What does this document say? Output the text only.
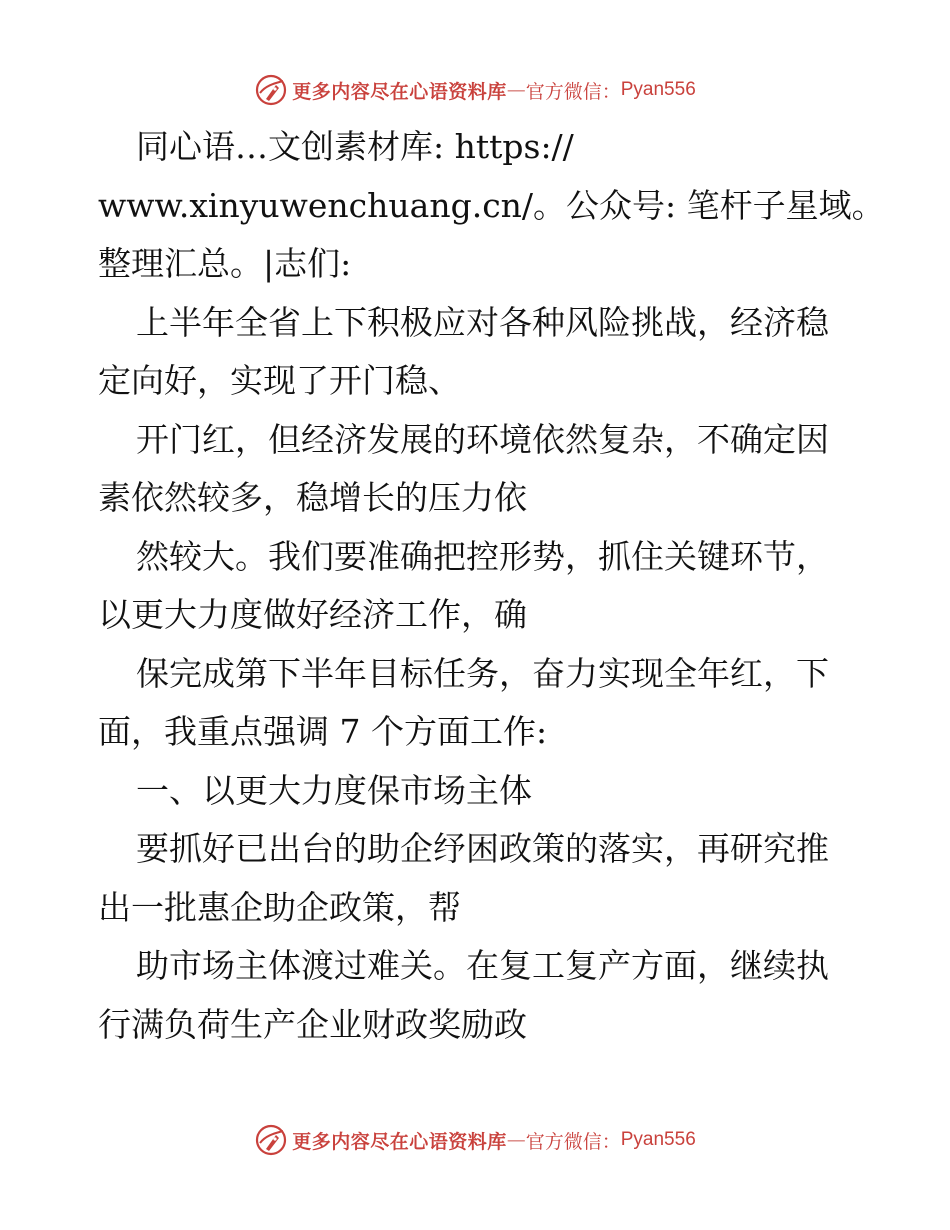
更多内容尽在心语资料库 — 官方微信： Pyan556
同心语…文创素材库: https://
www.xinyuwenchuang.cn/。公众号: 笔杆子星域。
整理汇总。|志们:
上半年全省上下积极应对各种风险挑战，经济稳
定向好，实现了开门稳、
开门红，但经济发展的环境依然复杂，不确定因
素依然较多，稳增长的压力依
然较大。我们要准确把控形势，抓住关键环节，
以更大力度做好经济工作，确
保完成第下半年目标任务，奋力实现全年红，下
面，我重点强调 7 个方面工作:
一、以更大力度保市场主体
要抓好已出台的助企纾困政策的落实，再研究推
出一批惠企助企政策，帮
助市场主体渡过难关。在复工复产方面，继续执
行满负荷生产企业财政奖励政
更多内容尽在心语资料库 — 官方微信： Pyan556
